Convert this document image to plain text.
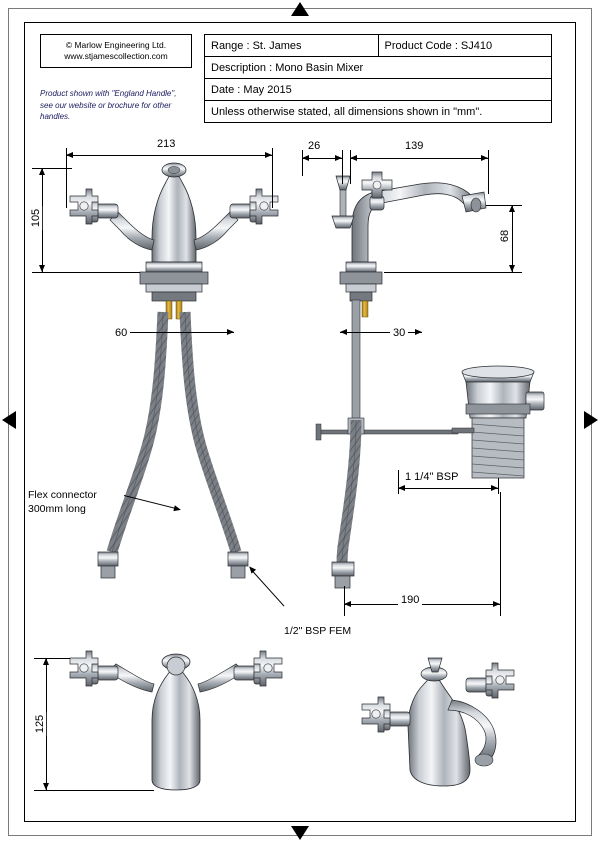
© Marlow Engineering Ltd.
www.stjamescollection.com
Product shown with "England Handle", see our website or brochure for other handles.
Range : St. James	Product Code : SJ410
Description : Mono Basin Mixer
Date : May 2015
Unless otherwise stated, all dimensions shown in "mm".
213
105
60
26	139
68
30
1 1/4" BSP
190
125
Flex connector
300mm long
1/2" BSP FEM
